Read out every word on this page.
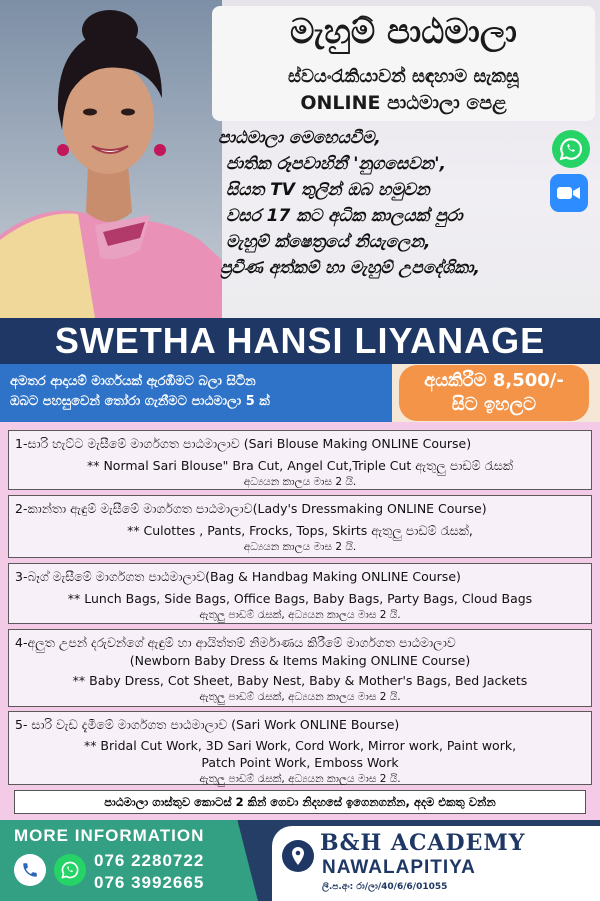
මැහුම් පාඨමාලා
ස්වයංරැකියාවන් සඳහාම සැකසූ
ONLINE පාඨමාලා පෙළ
පාඨමාලා මෙහෙයවීම,
ජාතික රූපවාහිනී 'නුගසෙවන',
සියත TV තුලින් ඔබ හමුවන
වසර 17 කට අධික කාලයක් පුරා
මැහුම් ක්ෂෙත්‍රයේ නියැලෙන,
ප්‍රවීණ අත්කම් හා මැහුම් උපදේශිකා,
SWETHA HANSI LIYANAGE
අමතර ආදායම් මාර්ගයක් ඇරඹීමට බලා සිටින
ඔබට පහසුවෙන් තෝරා ගැනීමට පාඨමාලා 5 ක්
අයකිරීම 8,500/-
සිට ඉහලට
1-සාරි හැට්ට මැසීමේ මාර්ගගත පාඨමාලාව (Sari Blouse Making ONLINE Course)
** Normal Sari Blouse" Bra Cut, Angel Cut,Triple Cut ඇතුලු පාඩම් රැසක්
අධ්‍යයන කාලය මාස 2 යි.
2-කාන්තා ඇඳුම් මැසීමේ මාර්ගගත පාඨමාලාව(Lady's Dressmaking ONLINE Course)
** Culottes , Pants, Frocks, Tops, Skirts ඇතුලු පාඩම් රැසක්,
අධ්‍යයන කාලය මාස 2 යි.
3-බෑග් මැසීමේ මාර්ගගත පාඨමාලාව(Bag & Handbag Making ONLINE Course)
** Lunch Bags, Side Bags, Office Bags, Baby Bags, Party Bags, Cloud Bags
ඇතුලු පාඩම් රැසක්, අධ්‍යයන කාලය මාස 2 යි.
4-අලුත උපන් දරුවන්ගේ ඇඳුම් හා ආයිත්තම් නිර්මාණය කිරීමේ මාර්ගගත පාඨමාලාව
(Newborn Baby Dress & Items Making ONLINE Course)
** Baby Dress, Cot Sheet, Baby Nest, Baby & Mother's Bags, Bed Jackets
ඇතුලු පාඩම් රැසක්, අධ්‍යයන කාලය මාස 2 යි.
5- සාරි වැඩ දැමීමේ මාර්ගගත පාඨමාලාව (Sari Work ONLINE Bourse)
** Bridal Cut Work, 3D Sari Work, Cord Work, Mirror work, Paint work,
Patch Point Work, Emboss Work
ඇතුලු පාඩම් රැසක්, අධ්‍යයන කාලය මාස 2 යි.
පාඨමාලා ගාස්තුව කොටස් 2 කින් ගෙවා නිදහසේ ඉගෙනගන්න, අදම එකතු වන්න
MORE INFORMATION
076 2280722
076 3992665
B&H ACADEMY
NAWALAPITIYA
ලි.ප.අං: රා/ලා/40/6/6/01055
